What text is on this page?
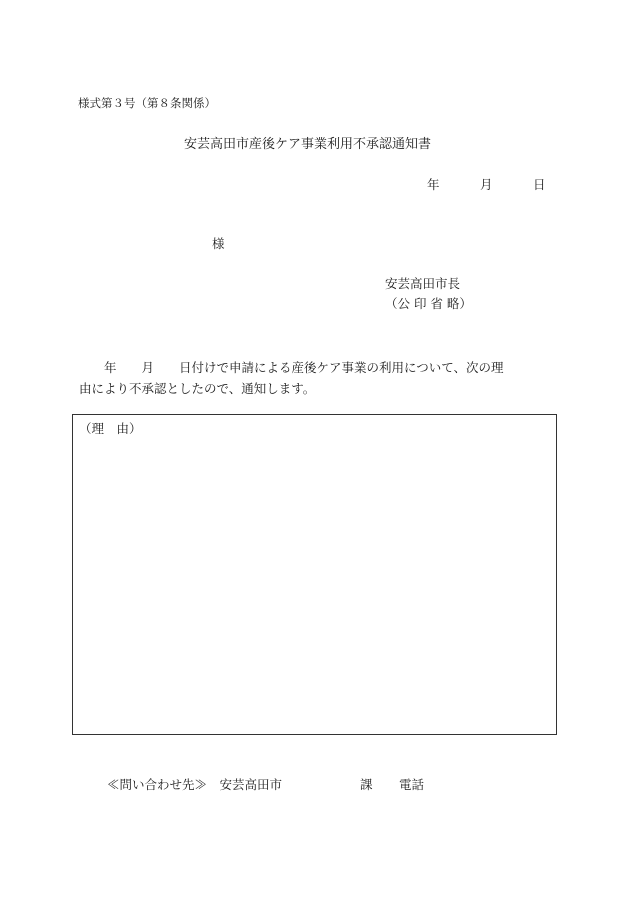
様式第３号（第８条関係）
安芸高田市産後ケア事業利用不承認通知書
年	月	日
様
安芸高田市長
（公 印 省 略）
　　年　　月　　日付けで申請による産後ケア事業の利用について、次の理
由により不承認としたので、通知します。
（理　由）
≪問い合わせ先≫　安芸高田市	課 電話
